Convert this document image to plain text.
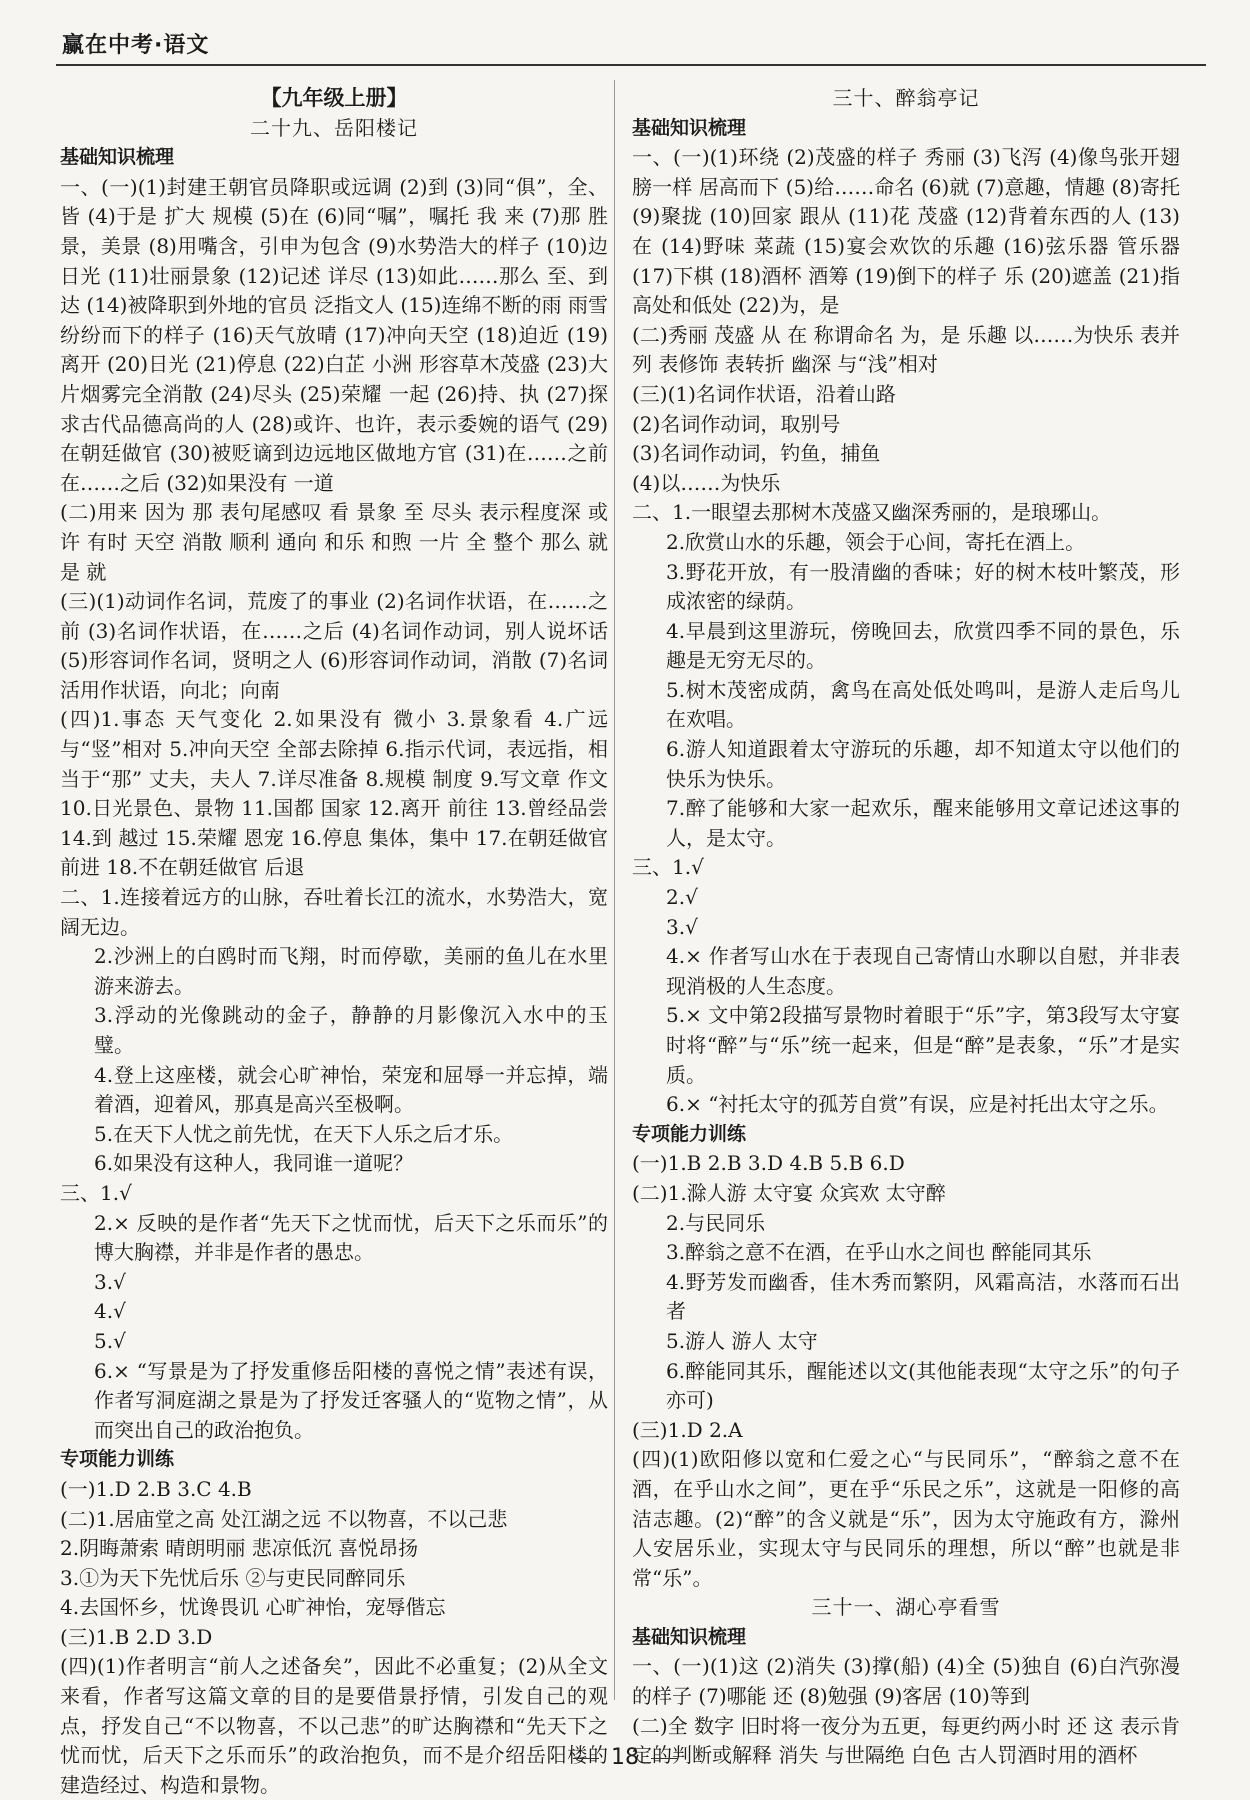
赢在中考·语文

【九年级上册】

二十九、岳阳楼记

基础知识梳理

一、(一)(1)封建王朝官员降职或远调 (2)到 (3)同“俱”，全、皆 (4)于是 扩大 规模 (5)在 (6)同“嘱”，嘱托 我 来 (7)那 胜景，美景 (8)用嘴含，引申为包含 (9)水势浩大的样子 (10)边 日光 (11)壮丽景象 (12)记述 详尽 (13)如此……那么 至、到达 (14)被降职到外地的官员 泛指文人 (15)连绵不断的雨 雨雪纷纷而下的样子 (16)天气放晴 (17)冲向天空 (18)迫近 (19)离开 (20)日光 (21)停息 (22)白芷 小洲 形容草木茂盛 (23)大片烟雾完全消散 (24)尽头 (25)荣耀 一起 (26)持、执 (27)探求古代品德高尚的人 (28)或许、也许，表示委婉的语气 (29)在朝廷做官 (30)被贬谪到边远地区做地方官 (31)在……之前 在……之后 (32)如果没有 一道

(二)用来 因为 那 表句尾感叹 看 景象 至 尽头 表示程度深 或许 有时 天空 消散 顺利 通向 和乐 和煦 一片 全 整个 那么 就是 就

(三)(1)动词作名词，荒废了的事业 (2)名词作状语，在……之前 (3)名词作状语，在……之后 (4)名词作动词，别人说坏话 (5)形容词作名词，贤明之人 (6)形容词作动词，消散 (7)名词活用作状语，向北；向南

(四)1.事态 天气变化 2.如果没有 微小 3.景象看 4.广远 与“竖”相对 5.冲向天空 全部去除掉 6.指示代词，表远指，相当于“那” 丈夫，夫人 7.详尽准备 8.规模 制度 9.写文章 作文 10.日光景色、景物 11.国都 国家 12.离开 前往 13.曾经品尝 14.到 越过 15.荣耀 恩宠 16.停息 集体，集中 17.在朝廷做官 前进 18.不在朝廷做官 后退

二、1.连接着远方的山脉，吞吐着长江的流水，水势浩大，宽阔无边。

2.沙洲上的白鸥时而飞翔，时而停歇，美丽的鱼儿在水里游来游去。

3.浮动的光像跳动的金子，静静的月影像沉入水中的玉璧。

4.登上这座楼，就会心旷神怡，荣宠和屈辱一并忘掉，端着酒，迎着风，那真是高兴至极啊。

5.在天下人忧之前先忧，在天下人乐之后才乐。

6.如果没有这种人，我同谁一道呢？

三、1.√

2.× 反映的是作者“先天下之忧而忧，后天下之乐而乐”的博大胸襟，并非是作者的愚忠。

3.√

4.√

5.√

6.× “写景是为了抒发重修岳阳楼的喜悦之情”表述有误，作者写洞庭湖之景是为了抒发迁客骚人的“览物之情”，从而突出自己的政治抱负。

专项能力训练

(一)1.D 2.B 3.C 4.B

(二)1.居庙堂之高 处江湖之远 不以物喜，不以己悲

2.阴晦萧索 晴朗明丽 悲凉低沉 喜悦昂扬

3.①为天下先忧后乐 ②与吏民同醉同乐

4.去国怀乡，忧谗畏讥 心旷神怡，宠辱偕忘

(三)1.B 2.D 3.D

(四)(1)作者明言“前人之述备矣”，因此不必重复；(2)从全文来看，作者写这篇文章的目的是要借景抒情，引发自己的观点，抒发自己“不以物喜，不以己悲”的旷达胸襟和“先天下之忧而忧，后天下之乐而乐”的政治抱负，而不是介绍岳阳楼的建造经过、构造和景物。

三十、醉翁亭记

基础知识梳理

一、(一)(1)环绕 (2)茂盛的样子 秀丽 (3)飞泻 (4)像鸟张开翅膀一样 居高而下 (5)给……命名 (6)就 (7)意趣，情趣 (8)寄托 (9)聚拢 (10)回家 跟从 (11)花 茂盛 (12)背着东西的人 (13)在 (14)野味 菜蔬 (15)宴会欢饮的乐趣 (16)弦乐器 管乐器 (17)下棋 (18)酒杯 酒筹 (19)倒下的样子 乐 (20)遮盖 (21)指高处和低处 (22)为，是

(二)秀丽 茂盛 从 在 称谓命名 为，是 乐趣 以……为快乐 表并列 表修饰 表转折 幽深 与“浅”相对

(三)(1)名词作状语，沿着山路

(2)名词作动词，取别号

(3)名词作动词，钓鱼，捕鱼

(4)以……为快乐

二、1.一眼望去那树木茂盛又幽深秀丽的，是琅琊山。

2.欣赏山水的乐趣，领会于心间，寄托在酒上。

3.野花开放，有一股清幽的香味；好的树木枝叶繁茂，形成浓密的绿荫。

4.早晨到这里游玩，傍晚回去，欣赏四季不同的景色，乐趣是无穷无尽的。

5.树木茂密成荫，禽鸟在高处低处鸣叫，是游人走后鸟儿在欢唱。

6.游人知道跟着太守游玩的乐趣，却不知道太守以他们的快乐为快乐。

7.醉了能够和大家一起欢乐，醒来能够用文章记述这事的人，是太守。

三、1.√

2.√

3.√

4.× 作者写山水在于表现自己寄情山水聊以自慰，并非表现消极的人生态度。

5.× 文中第2段描写景物时着眼于“乐”字，第3段写太守宴时将“醉”与“乐”统一起来，但是“醉”是表象，“乐”才是实质。

6.× “衬托太守的孤芳自赏”有误，应是衬托出太守之乐。

专项能力训练

(一)1.B 2.B 3.D 4.B 5.B 6.D

(二)1.滁人游 太守宴 众宾欢 太守醉

2.与民同乐

3.醉翁之意不在酒，在乎山水之间也 醉能同其乐

4.野芳发而幽香，佳木秀而繁阴，风霜高洁，水落而石出者

5.游人 游人 太守

6.醉能同其乐，醒能述以文(其他能表现“太守之乐”的句子亦可)

(三)1.D 2.A

(四)(1)欧阳修以宽和仁爱之心“与民同乐”，“醉翁之意不在酒，在乎山水之间”，更在乎“乐民之乐”，这就是一阳修的高洁志趣。(2)“醉”的含义就是“乐”，因为太守施政有方，滁州人安居乐业，实现太守与民同乐的理想，所以“醉”也就是非常“乐”。

三十一、湖心亭看雪

基础知识梳理

一、(一)(1)这 (2)消失 (3)撑(船) (4)全 (5)独自 (6)白汽弥漫的样子 (7)哪能 还 (8)勉强 (9)客居 (10)等到

(二)全 数字 旧时将一夜分为五更，每更约两小时 还 这 表示肯定的判断或解释 消失 与世隔绝 白色 古人罚酒时用的酒杯

18
